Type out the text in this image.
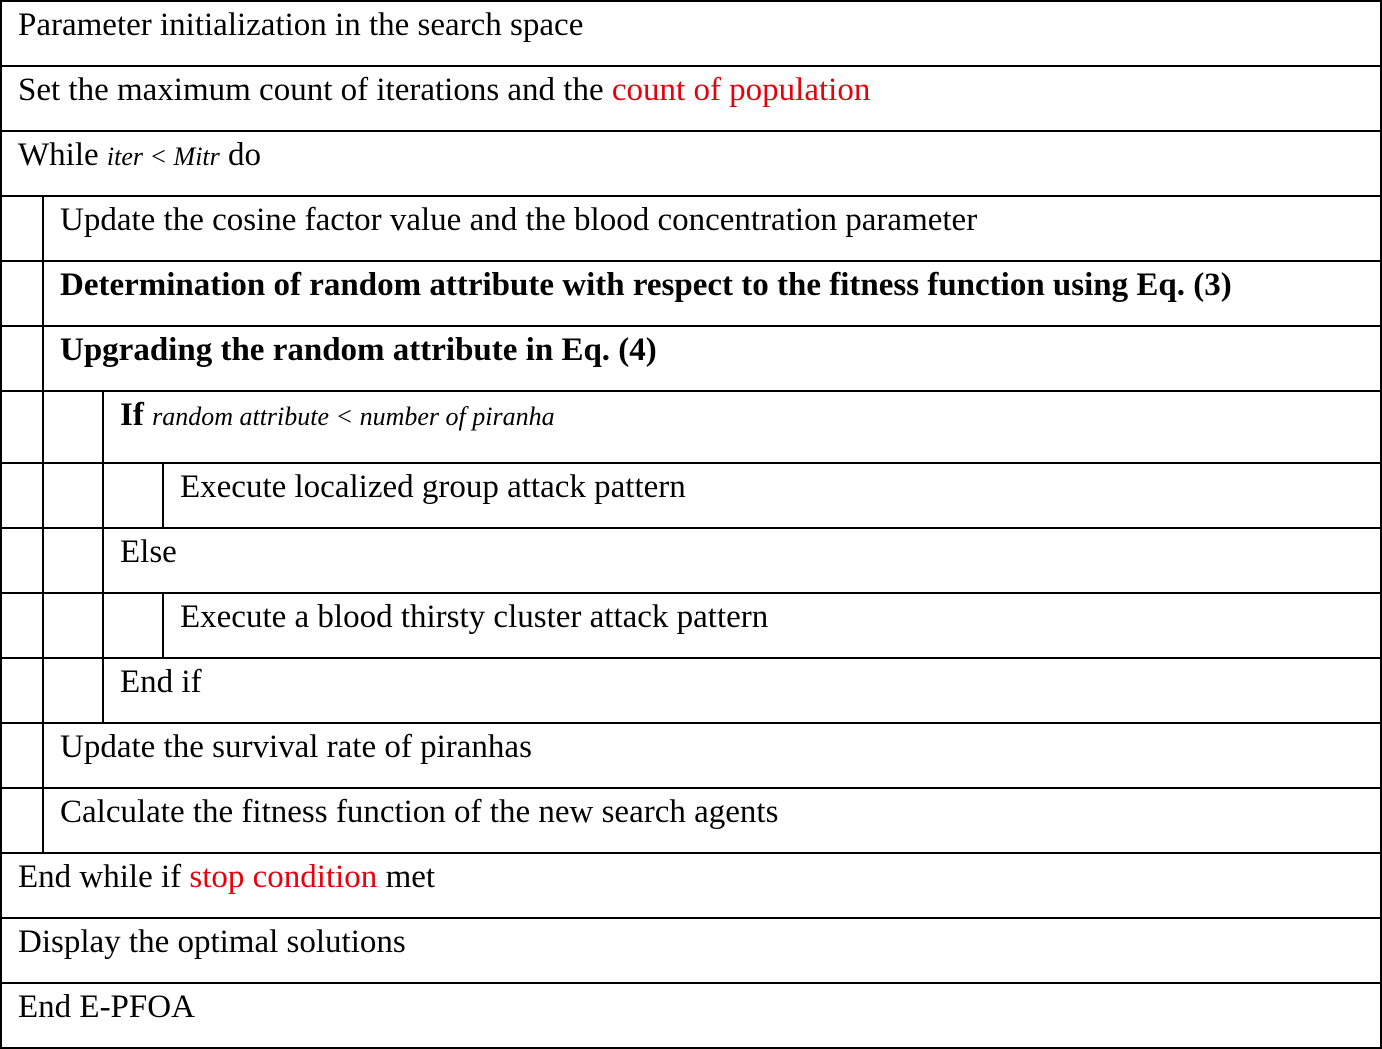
Parameter initialization in the search space
Set the maximum count of iterations and the count of population
While iter < Mitr do
Update the cosine factor value and the blood concentration parameter
Determination of random attribute with respect to the fitness function using Eq. (3)
Upgrading the random attribute in Eq. (4)
If random attribute < number of piranha
Execute localized group attack pattern
Else
Execute a blood thirsty cluster attack pattern
End if
Update the survival rate of piranhas
Calculate the fitness function of the new search agents
End while if stop condition met
Display the optimal solutions
End E-PFOA
